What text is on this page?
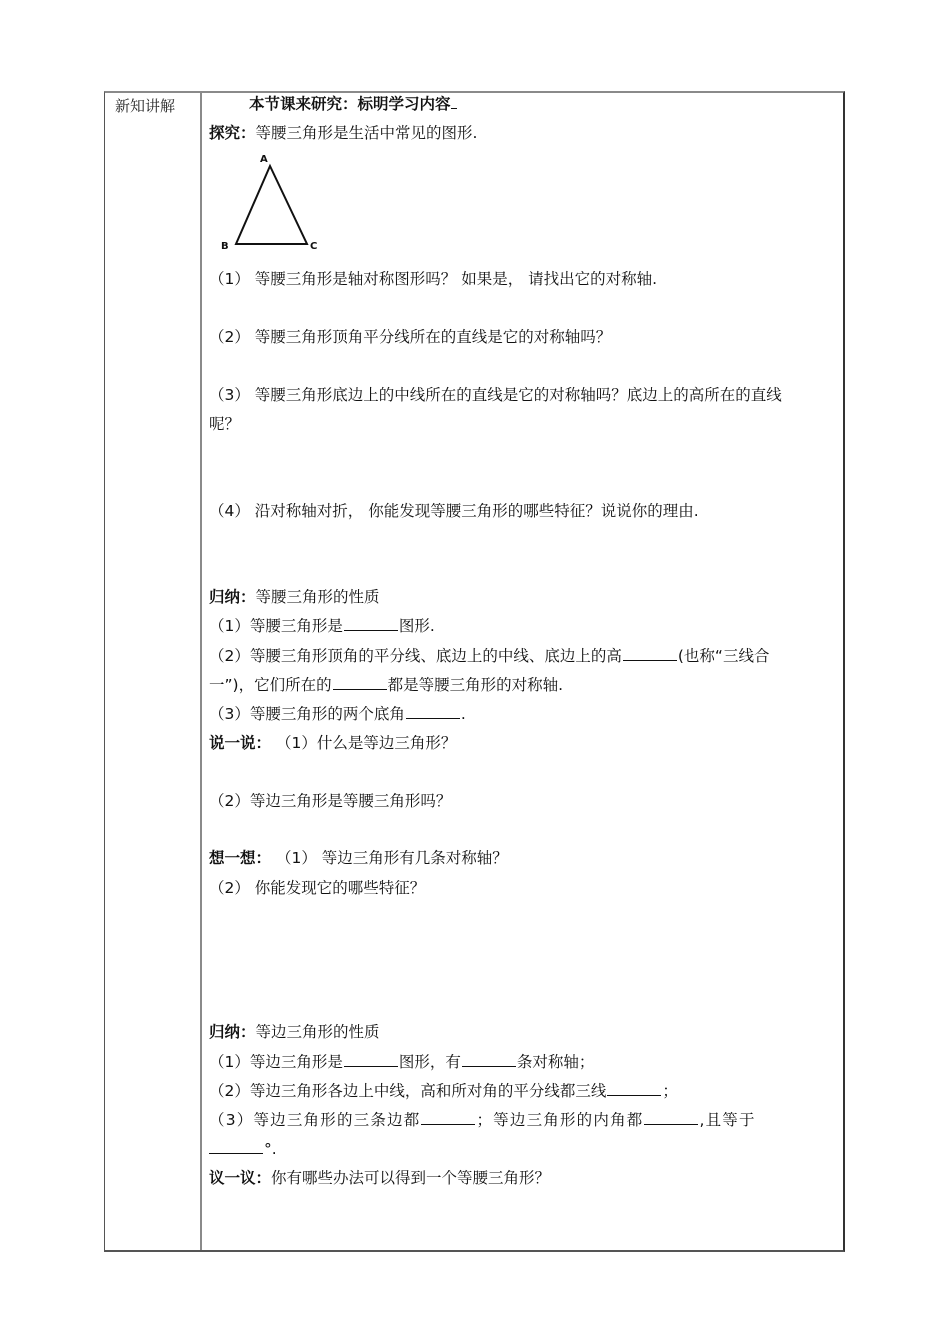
新知讲解	本节课来研究：标明学习内容
探究：等腰三角形是生活中常见的图形.
A
B	C
（1） 等腰三角形是轴对称图形吗？ 如果是， 请找出它的对称轴.
（2） 等腰三角形顶角平分线所在的直线是它的对称轴吗？
（3） 等腰三角形底边上的中线所在的直线是它的对称轴吗？底边上的高所在的直线
呢？
（4） 沿对称轴对折， 你能发现等腰三角形的哪些特征？说说你的理由.
归纳：等腰三角形的性质
（1）等腰三角形是	图形.
（2）等腰三角形顶角的平分线、底边上的中线、底边上的高	(也称“三线合
一”)，它们所在的	都是等腰三角形的对称轴.
（3）等腰三角形的两个底角	.
说一说： （1）什么是等边三角形？
（2）等边三角形是等腰三角形吗？
想一想： （1） 等边三角形有几条对称轴？
（2） 你能发现它的哪些特征？
归纳：等边三角形的性质
（1）等边三角形是	图形，有	条对称轴；
（2）等边三角形各边上中线，高和所对角的平分线都三线	；
（3）等边三角形的三条边都	；等边三角形的内角都	,且等于
°.
议一议：你有哪些办法可以得到一个等腰三角形？
